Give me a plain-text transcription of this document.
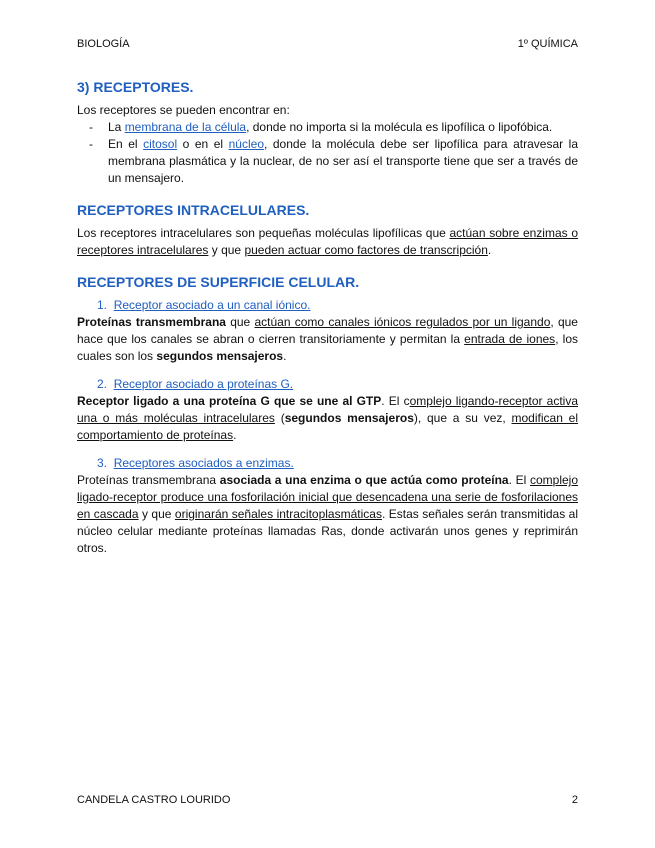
BIOLOGÍA	1º QUÍMICA
3) RECEPTORES.

Los receptores se pueden encontrar en:

- La membrana de la célula, donde no importa si la molécula es lipofílica o lipofóbica.
- En el citosol o en el núcleo, donde la molécula debe ser lipofílica para atravesar la membrana plasmática y la nuclear, de no ser así el transporte tiene que ser a través de un mensajero.
RECEPTORES INTRACELULARES.

Los receptores intracelulares son pequeñas moléculas lipofílicas que actúan sobre enzimas o receptores intracelulares y que pueden actuar como factores de transcripción.

RECEPTORES DE SUPERFICIE CELULAR.

1. Receptor asociado a un canal iónico.

Proteínas transmembrana que actúan como canales iónicos regulados por un ligando, que hace que los canales se abran o cierren transitoriamente y permitan la entrada de iones, los cuales son los segundos mensajeros.

2. Receptor asociado a proteínas G.

Receptor ligado a una proteína G que se une al GTP. El complejo ligando-receptor activa una o más moléculas intracelulares (segundos mensajeros), que a su vez, modifican el comportamiento de proteínas.

3. Receptores asociados a enzimas.

Proteínas transmembrana asociada a una enzima o que actúa como proteína. El complejo ligado-receptor produce una fosforilación inicial que desencadena una serie de fosforilaciones en cascada y que originarán señales intracitoplasmáticas. Estas señales serán transmitidas al núcleo celular mediante proteínas llamadas Ras, donde activarán unos genes y reprimirán otros.

CANDELA CASTRO LOURIDO	2
